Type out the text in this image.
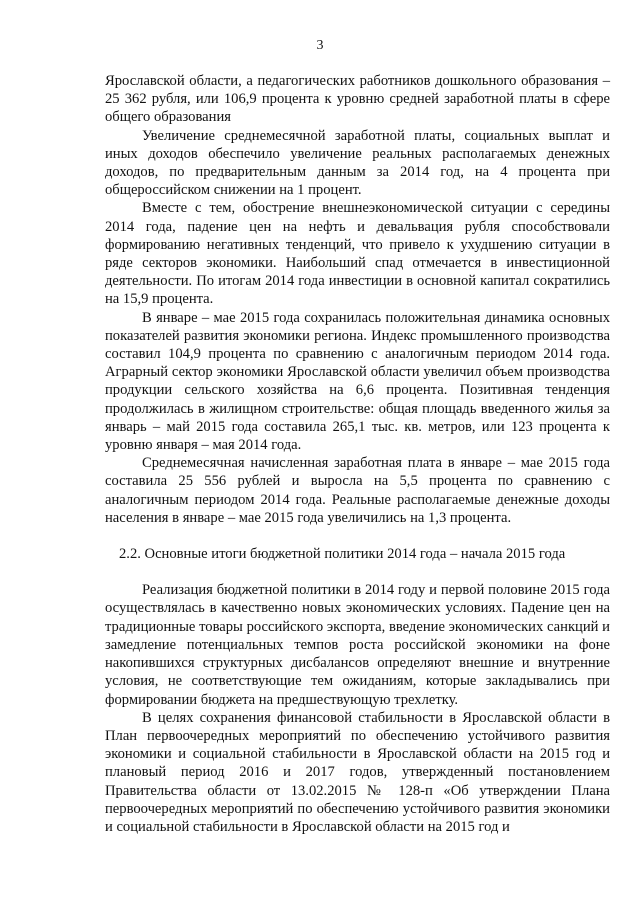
3

Ярославской области, а педагогических работников дошкольного образования – 25 362 рубля, или 106,9 процента к уровню средней заработной платы в сфере общего образования

Увеличение среднемесячной заработной платы, социальных выплат и иных доходов обеспечило увеличение реальных располагаемых денежных доходов, по предварительным данным за 2014 год, на 4 процента при общероссийском снижении на 1 процент.

Вместе с тем, обострение внешнеэкономической ситуации с середины 2014 года, падение цен на нефть и девальвация рубля способствовали формированию негативных тенденций, что привело к ухудшению ситуации в ряде секторов экономики. Наибольший спад отмечается в инвестиционной деятельности. По итогам 2014 года инвестиции в основной капитал сократились на 15,9 процента.

В январе – мае 2015 года сохранилась положительная динамика основных показателей развития экономики региона. Индекс промышленного производства составил 104,9 процента по сравнению с аналогичным периодом 2014 года. Аграрный сектор экономики Ярославской области увеличил объем производства продукции сельского хозяйства на 6,6 процента. Позитивная тенденция продолжилась в жилищном строительстве: общая площадь введенного жилья за январь – май 2015 года составила 265,1 тыс. кв. метров, или 123 процента к уровню января – мая 2014 года.

Среднемесячная начисленная заработная плата в январе – мае 2015 года составила 25 556 рублей и выросла на 5,5 процента по сравнению с аналогичным периодом 2014 года. Реальные располагаемые денежные доходы населения в январе – мае 2015 года увеличились на 1,3 процента.

2.2. Основные итоги бюджетной политики 2014 года – начала 2015 года

Реализация бюджетной политики в 2014 году и первой половине 2015 года осуществлялась в качественно новых экономических условиях. Падение цен на традиционные товары российского экспорта, введение экономических санкций и замедление потенциальных темпов роста российской экономики на фоне накопившихся структурных дисбалансов определяют внешние и внутренние условия, не соответствующие тем ожиданиям, которые закладывались при формировании бюджета на предшествующую трехлетку.

В целях сохранения финансовой стабильности в Ярославской области в План первоочередных мероприятий по обеспечению устойчивого развития экономики и социальной стабильности в Ярославской области на 2015 год и плановый период 2016 и 2017 годов, утвержденный постановлением Правительства области от 13.02.2015 № 128-п «Об утверждении Плана первоочередных мероприятий по обеспечению устойчивого развития экономики и социальной стабильности в Ярославской области на 2015 год и
